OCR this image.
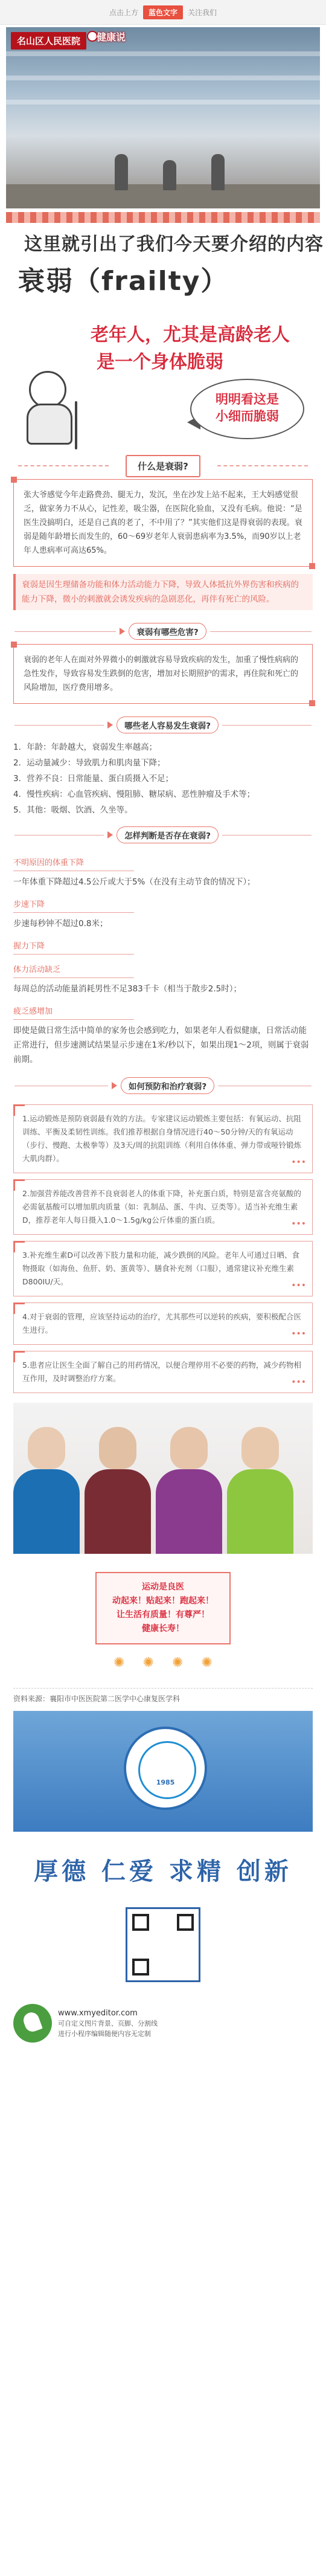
点击上方	蓝色文字	关注我们
名山区人民医院	健康说
这里就引出了我们今天要介绍的内容
衰弱（frailty）
老年人，尤其是高龄老人
是一个身体脆弱
明明看这是
小细而脆弱
什么是衰弱?

张大爷感觉今年走路费劲、腿无力，发沉，坐在沙发上站不起来，王大妈感觉很乏，做家务力不从心，记性差，吸尘器，在医院化验血，又没有毛病。他说：“是医生没搞明白，还是自己真的老了，不中用了？”其实他们这是得衰弱的表现。衰弱是随年龄增长而发生的，60～69岁老年人衰弱患病率为3.5%，而90岁以上老年人患病率可高达65%。

衰弱是因生理储备功能和体力活动能力下降，导致人体抵抗外界伤害和疾病的能力下降，微小的刺激就会诱发疾病的急剧恶化，再伴有死亡的风险。
衰弱有哪些危害?

衰弱的老年人在面对外界微小的刺激就容易导致疾病的发生，加重了慢性病病的急性发作，导致容易发生跌倒的危害，增加对长期照护的需求，再住院和死亡的风险增加，医疗费用增多。

哪些老人容易发生衰弱?

1．年龄：年龄越大，衰弱发生率越高；

2．运动量减少：导致肌力和肌肉量下降；

3．营养不良：日常能量、蛋白质摄入不足；

4．慢性疾病：心血管疾病、慢阻肺、糖尿病、恶性肿瘤及手术等；

5．其他：吸烟、饮酒、久坐等。

怎样判断是否存在衰弱?
不明原因的体重下降

一年体重下降超过4.5公斤或大于5%（在没有主动节食的情况下）；

步速下降

步速每秒钟不超过0.8米；

握力下降
体力活动缺乏

每周总的活动能量消耗男性不足383千卡（相当于散步2.5时）；

疲乏感增加

即使是做日常生活中简单的家务也会感到吃力，如果老年人看似健康，日常活动能正常进行，但步速测试结果显示步速在1米/秒以下，如果出现1～2项，则属于衰弱前期。

如何预防和治疗衰弱?
1.运动锻炼是预防衰弱最有效的方法。专家建议运动锻炼主要包括：有氧运动、抗阻训练、平衡及柔韧性训练。我们推荐根据自身情况进行40～50分钟/天的有氧运动（步行、慢跑、太极拳等）及3天/周的抗阻训练（利用自体体重、弹力带或哑铃锻炼大肌肉群）。	•••
2.加强营养能改善营养不良衰弱老人的体重下降，补充蛋白质，特别是富含亮氨酸的必需氨基酸可以增加肌肉质量（如：乳制品、蛋、牛肉、豆类等）。适当补充维生素D，推荐老年人每日摄入1.0～1.5g/kg公斤体重的蛋白质。	•••
3.补充维生素D可以改善下肢力量和功能，减少跌倒的风险。老年人可通过日晒、食物摄取（如海鱼、鱼肝、奶、蛋黄等）、膳食补充剂（口服），通常建议补充维生素D800IU/天。	•••
4.对于衰弱的管理，应该坚持运动的治疗，尤其那些可以逆转的疾病，要积极配合医生进行。	•••
5.患者应让医生全面了解自己的用药情况，以便合理停用不必要的药物，减少药物相互作用，及时调整治疗方案。	•••
运动是良医
动起来！贴起来！跑起来！
让生活有质量！有尊严！
健康长寿！
✺ ✺ ✺ ✺
资料来源：襄阳市中医医院第二医学中心康复医学科
1985
厚德 仁爱 求精 创新
www.xmyeditor.com
可自定义图片背景、页脚、分割线
进行小程序编辑随便内容无定制
